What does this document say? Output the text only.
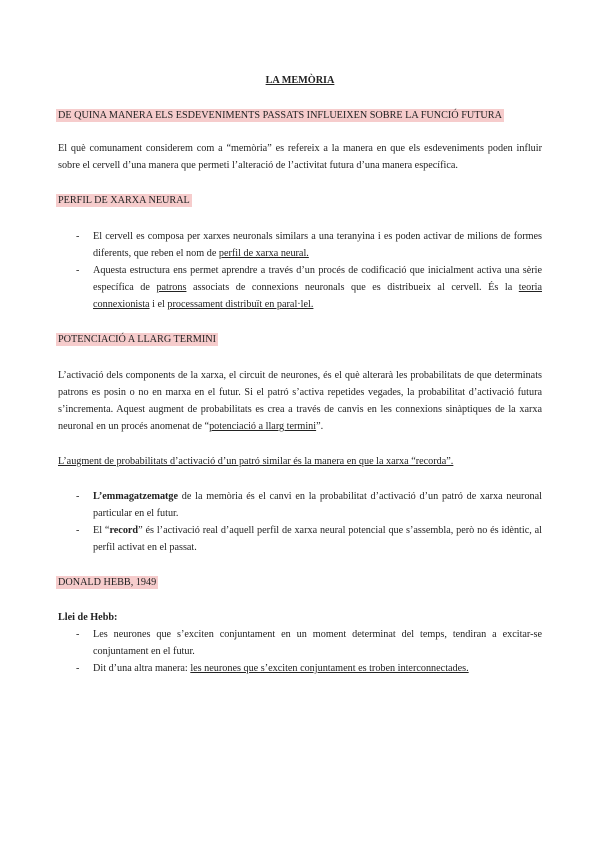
LA MEMÒRIA
DE QUINA MANERA ELS ESDEVENIMENTS PASSATS INFLUEIXEN SOBRE LA FUNCIÓ FUTURA
El què comunament considerem com a “memòria” es refereix a la manera en que els esdeveniments poden influir sobre el cervell d’una manera que permeti l’alteració de l’activitat futura d’una manera específica.
PERFIL DE XARXA NEURAL
- El cervell es composa per xarxes neuronals similars a una teranyina i es poden activar de milions de formes diferents, que reben el nom de perfil de xarxa neural.
- Aquesta estructura ens permet aprendre a través d’un procés de codificació que inicialment activa una sèrie específica de patrons associats de connexions neuronals que es distribueix al cervell. És la teoria connexionista i el processament distribuït en paral·lel.
POTENCIACIÓ A LLARG TERMINI
L’activació dels components de la xarxa, el circuit de neurones, és el què alterarà les probabilitats de que determinats patrons es posin o no en marxa en el futur. Si el patró s’activa repetides vegades, la probabilitat d’activació futura s’incrementa. Aquest augment de probabilitats es crea a través de canvis en les connexions sinàptiques de la xarxa neuronal en un procés anomenat de “potenciació a llarg termini”.
L’augment de probabilitats d’activació d’un patró similar és la manera en que la xarxa “recorda”.
- L’emmagatzematge de la memòria és el canvi en la probabilitat d’activació d’un patró de xarxa neuronal particular en el futur.
- El “record” és l’activació real d’aquell perfil de xarxa neural potencial que s’assembla, però no és idèntic, al perfil activat en el passat.
DONALD HEBB, 1949
Llei de Hebb:
- Les neurones que s’exciten conjuntament en un moment determinat del temps, tendiran a excitar-se conjuntament en el futur.
- Dit d’una altra manera: les neurones que s’exciten conjuntament es troben interconnectades.
